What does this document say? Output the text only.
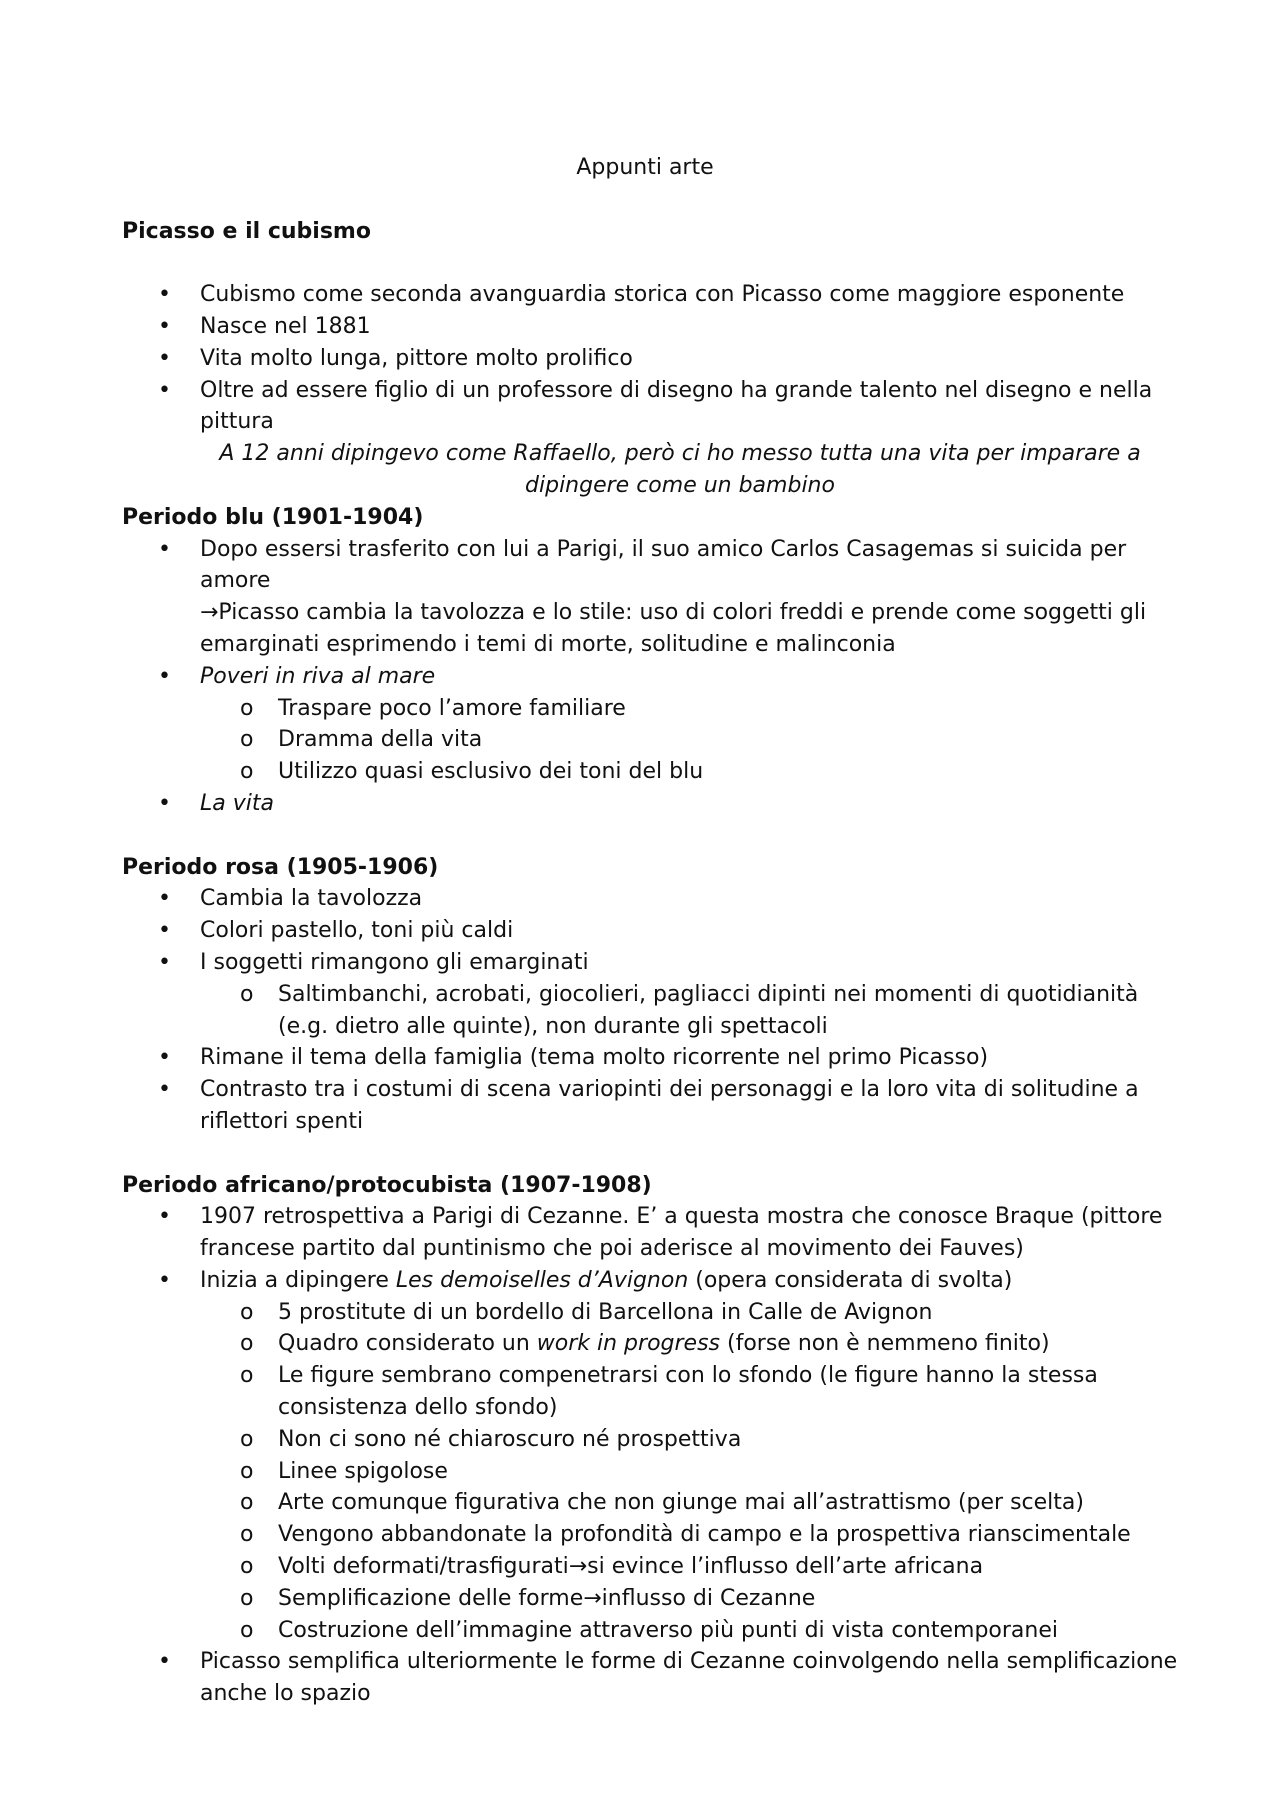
Appunti arte
Picasso e il cubismo
• Cubismo come seconda avanguardia storica con Picasso come maggiore esponente
• Nasce nel 1881
• Vita molto lunga, pittore molto prolifico
• Oltre ad essere figlio di un professore di disegno ha grande talento nel disegno e nella pittura
A 12 anni dipingevo come Raffaello, però ci ho messo tutta una vita per imparare a dipingere come un bambino
Periodo blu (1901-1904)
• Dopo essersi trasferito con lui a Parigi, il suo amico Carlos Casagemas si suicida per amore
→Picasso cambia la tavolozza e lo stile: uso di colori freddi e prende come soggetti gli emarginati esprimendo i temi di morte, solitudine e malinconia
• Poveri in riva al mare
o Traspare poco l’amore familiare
o Dramma della vita
o Utilizzo quasi esclusivo dei toni del blu
• La vita
Periodo rosa (1905-1906)
• Cambia la tavolozza
• Colori pastello, toni più caldi
• I soggetti rimangono gli emarginati
o Saltimbanchi, acrobati, giocolieri, pagliacci dipinti nei momenti di quotidianità (e.g. dietro alle quinte), non durante gli spettacoli
• Rimane il tema della famiglia (tema molto ricorrente nel primo Picasso)
• Contrasto tra i costumi di scena variopinti dei personaggi e la loro vita di solitudine a riflettori spenti
Periodo africano/protocubista (1907-1908)
• 1907 retrospettiva a Parigi di Cezanne. E’ a questa mostra che conosce Braque (pittore francese partito dal puntinismo che poi aderisce al movimento dei Fauves)
• Inizia a dipingere Les demoiselles d’Avignon (opera considerata di svolta)
o 5 prostitute di un bordello di Barcellona in Calle de Avignon
o Quadro considerato un work in progress (forse non è nemmeno finito)
o Le figure sembrano compenetrarsi con lo sfondo (le figure hanno la stessa consistenza dello sfondo)
o Non ci sono né chiaroscuro né prospettiva
o Linee spigolose
o Arte comunque figurativa che non giunge mai all’astrattismo (per scelta)
o Vengono abbandonate la profondità di campo e la prospettiva rianscimentale
o Volti deformati/trasfigurati→si evince l’influsso dell’arte africana
o Semplificazione delle forme→influsso di Cezanne
o Costruzione dell’immagine attraverso più punti di vista contemporanei
• Picasso semplifica ulteriormente le forme di Cezanne coinvolgendo nella semplificazione anche lo spazio
